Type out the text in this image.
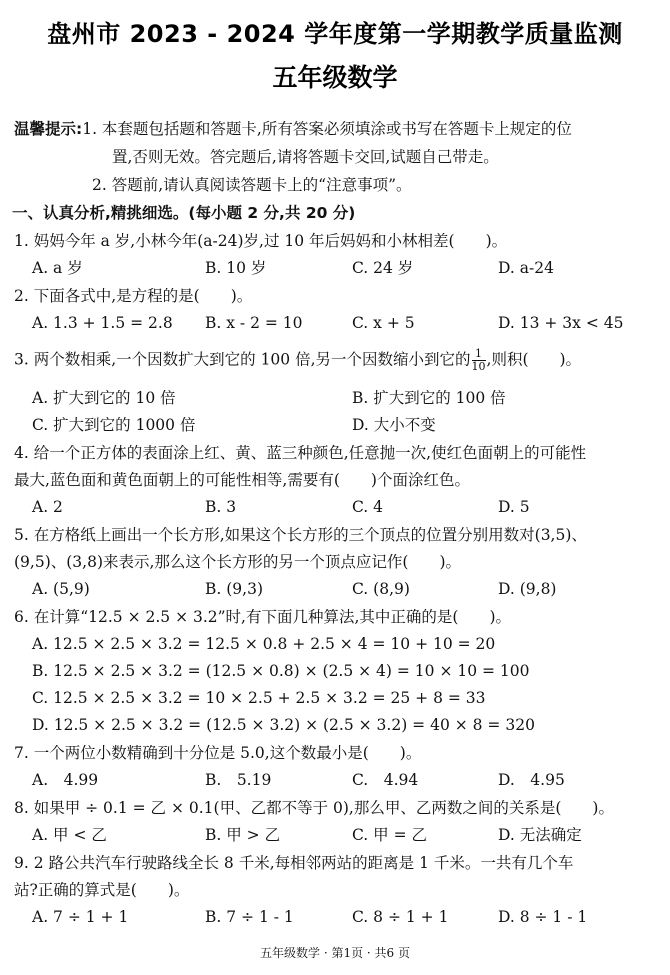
盘州市 2023 - 2024 学年度第一学期教学质量监测
五年级数学
温馨提示:1. 本套题包括题和答题卡,所有答案必须填涂或书写在答题卡上规定的位
置,否则无效。答完题后,请将答题卡交回,试题自己带走。
2. 答题前,请认真阅读答题卡上的“注意事项”。
一、认真分析,精挑细选。(每小题 2 分,共 20 分)
1. 妈妈今年 a 岁,小林今年(a-24)岁,过 10 年后妈妈和小林相差(　　)。
A. a 岁	B. 10 岁	C. 24 岁	D. a-24
2. 下面各式中,是方程的是(　　)。
A. 1.3 + 1.5 = 2.8 B. x - 2 = 10	C. x + 5	D. 13 + 3x < 45
3. 两个数相乘,一个因数扩大到它的 100 倍,另一个因数缩小到它的 $\frac{1}{10}$ ,则积(　　)。
A. 扩大到它的 10 倍	B. 扩大到它的 100 倍
C. 扩大到它的 1000 倍	D. 大小不变
4. 给一个正方体的表面涂上红、黄、蓝三种颜色,任意抛一次,使红色面朝上的可能性
最大,蓝色面和黄色面朝上的可能性相等,需要有(　　)个面涂红色。
A. 2	B. 3	C. 4	D. 5
5. 在方格纸上画出一个长方形,如果这个长方形的三个顶点的位置分别用数对(3,5)、
(9,5)、(3,8)来表示,那么这个长方形的另一个顶点应记作(　　)。
A. (5,9)	B. (9,3)	C. (8,9)	D. (9,8)
6. 在计算“12.5 × 2.5 × 3.2”时,有下面几种算法,其中正确的是(　　)。
A. 12.5 × 2.5 × 3.2 = 12.5 × 0.8 + 2.5 × 4 = 10 + 10 = 20
B. 12.5 × 2.5 × 3.2 = (12.5 × 0.8) × (2.5 × 4) = 10 × 10 = 100
C. 12.5 × 2.5 × 3.2 = 10 × 2.5 + 2.5 × 3.2 = 25 + 8 = 33
D. 12.5 × 2.5 × 3.2 = (12.5 × 3.2) × (2.5 × 3.2) = 40 × 8 = 320
7. 一个两位小数精确到十分位是 5.0,这个数最小是(　　)。
A.　4.99	B.　5.19	C.　4.94	D.　4.95
8. 如果甲 ÷ 0.1 = 乙 × 0.1(甲、乙都不等于 0),那么甲、乙两数之间的关系是(　　)。
A. 甲 < 乙	B. 甲 > 乙	C. 甲 = 乙	D. 无法确定
9. 2 路公共汽车行驶路线全长 8 千米,每相邻两站的距离是 1 千米。一共有几个车
站?正确的算式是(　　)。
A. 7 ÷ 1 + 1	B. 7 ÷ 1 - 1	C. 8 ÷ 1 + 1	D. 8 ÷ 1 - 1
五年级数学 · 第1页 · 共6 页
